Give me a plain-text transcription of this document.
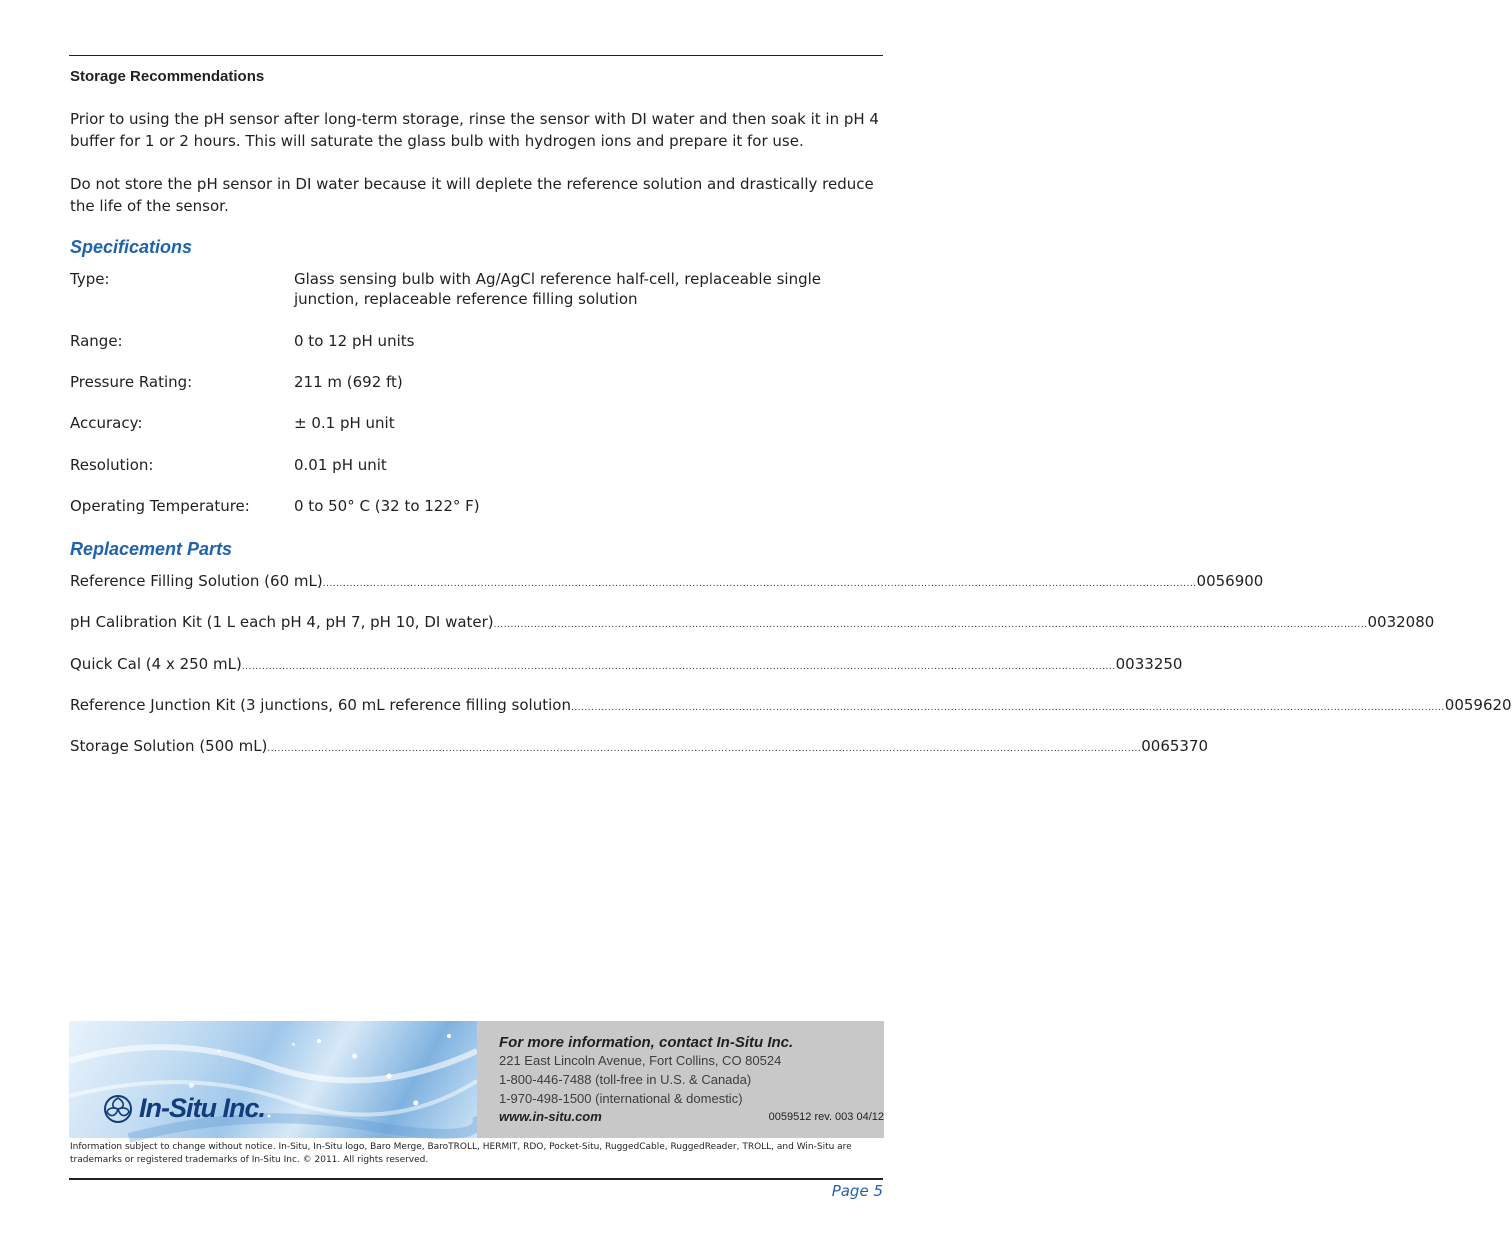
Storage Recommendations
Prior to using the pH sensor after long-term storage, rinse the sensor with DI water and then soak it in pH 4 buffer for 1 or 2 hours. This will saturate the glass bulb with hydrogen ions and prepare it for use.
Do not store the pH sensor in DI water because it will deplete the reference solution and drastically reduce the life of the sensor.
Specifications
Type:	Glass sensing bulb with Ag/AgCl reference half-cell, replaceable single junction, replaceable reference filling solution
Range:	0 to 12 pH units
Pressure Rating:	211 m (692 ft)
Accuracy:	± 0.1 pH unit
Resolution:	0.01 pH unit
Operating Temperature:	0 to 50° C (32 to 122° F)
Replacement Parts
Reference Filling Solution (60 mL) .................................................................................................................................................................................................................................................................... 0056900
pH Calibration Kit (1 L each pH 4, pH 7, pH 10, DI water) .................................................................................................................................................................................................................................................................... 0032080
Quick Cal (4 x 250 mL) .................................................................................................................................................................................................................................................................... 0033250
Reference Junction Kit (3 junctions, 60 mL reference filling solution .................................................................................................................................................................................................................................................................... 0059620
Storage Solution (500 mL) .................................................................................................................................................................................................................................................................... 0065370
In-Situ Inc.
For more information, contact In-Situ Inc.
221 East Lincoln Avenue, Fort Collins, CO 80524
1-800-446-7488 (toll-free in U.S. & Canada)
1-970-498-1500 (international & domestic)
www.in-situ.com	0059512 rev. 003 04/12
Information subject to change without notice. In-Situ, In-Situ logo, Baro Merge, BaroTROLL, HERMIT, RDO, Pocket-Situ, RuggedCable, RuggedReader, TROLL, and Win-Situ are trademarks or registered trademarks of In-Situ Inc. © 2011. All rights reserved.
Page 5
